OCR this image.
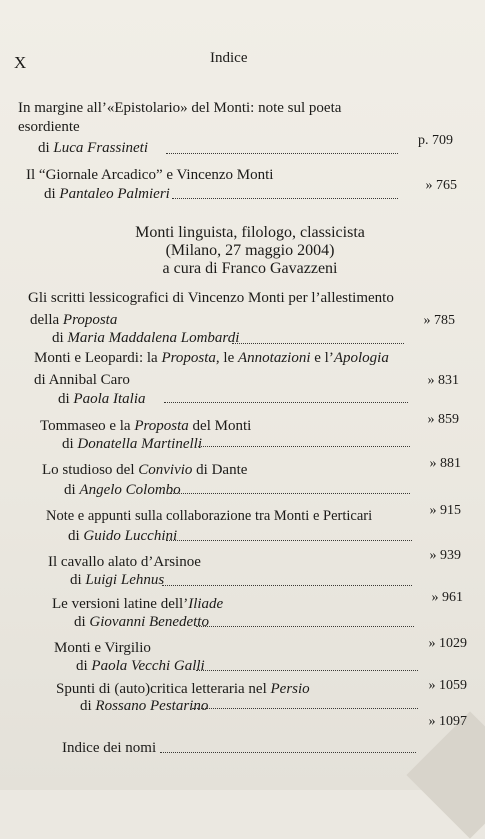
X	Indice
In margine all’«Epistolario» del Monti: note sul poeta
esordiente
di Luca Frassineti	p. 709
Il “Giornale Arcadico” e Vincenzo Monti
di Pantaleo Palmieri
» 765
Monti linguista, filologo, classicista
(Milano, 27 maggio 2004)
a cura di Franco Gavazzeni
Gli scritti lessicografici di Vincenzo Monti per l’allestimento
della Proposta
di Maria Maddalena Lombardi
» 785
Monti e Leopardi: la Proposta, le Annotazioni e l’Apologia
di Annibal Caro
di Paola Italia
» 831
Tommaseo e la Proposta del Monti
di Donatella Martinelli
» 859
Lo studioso del Convivio di Dante
di Angelo Colombo
» 881
Note e appunti sulla collaborazione tra Monti e Perticari
di Guido Lucchini
» 915
Il cavallo alato d’Arsinoe
di Luigi Lehnus
» 939
Le versioni latine dell’Iliade
di Giovanni Benedetto
» 961
Monti e Virgilio
di Paola Vecchi Galli
» 1029
Spunti di (auto)critica letteraria nel Persio
di Rossano Pestarino
» 1059
Indice dei nomi
» 1097
